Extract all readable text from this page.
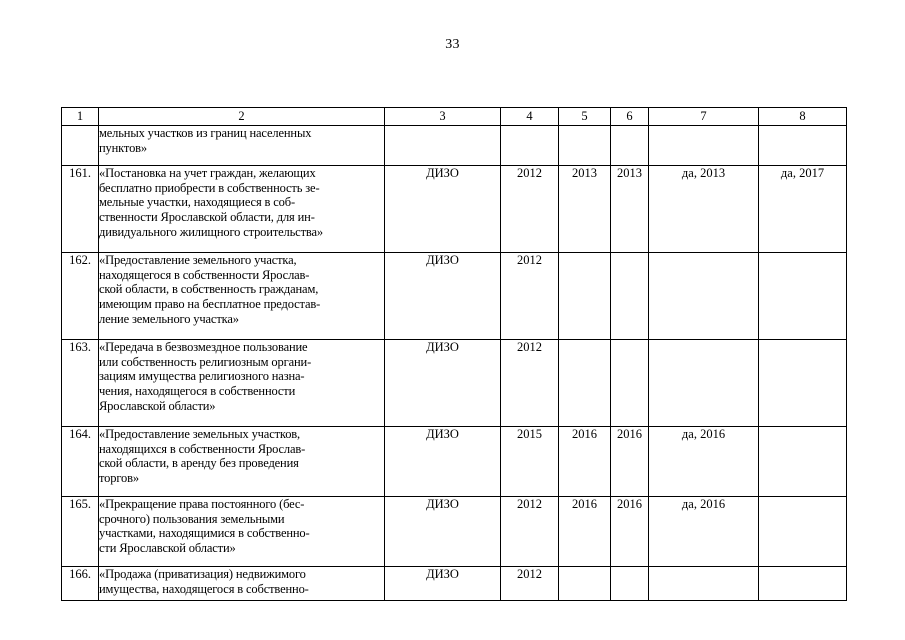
33
1	2	3	4	5	6	7	8

	мельных участков из границ населенных
пунктов»						

161.	«Постановка на учет граждан, желающих
бесплатно приобрести в собственность зе-
мельные участки, находящиеся в соб-
ственности Ярославской области, для ин-
дивидуального жилищного строительства»	ДИЗО	2012	2013	2013	да, 2013	да, 2017
162.	«Предоставление земельного участка,
находящегося в собственности Ярослав-
ской области, в собственность гражданам,
имеющим право на бесплатное предостав-
ление земельного участка»	ДИЗО	2012				
163.	«Передача в безвозмездное пользование
или собственность религиозным органи-
зациям имущества религиозного назна-
чения, находящегося в собственности
Ярославской области»	ДИЗО	2012				
164.	«Предоставление земельных участков,
находящихся в собственности Ярослав-
ской области, в аренду без проведения
торгов»	ДИЗО	2015	2016	2016	да, 2016	
165.	«Прекращение права постоянного (бес-
срочного) пользования земельными
участками, находящимися в собственно-
сти Ярославской области»	ДИЗО	2012	2016	2016	да, 2016	
166.	«Продажа (приватизация) недвижимого
имущества, находящегося в собственно-	ДИЗО	2012				
